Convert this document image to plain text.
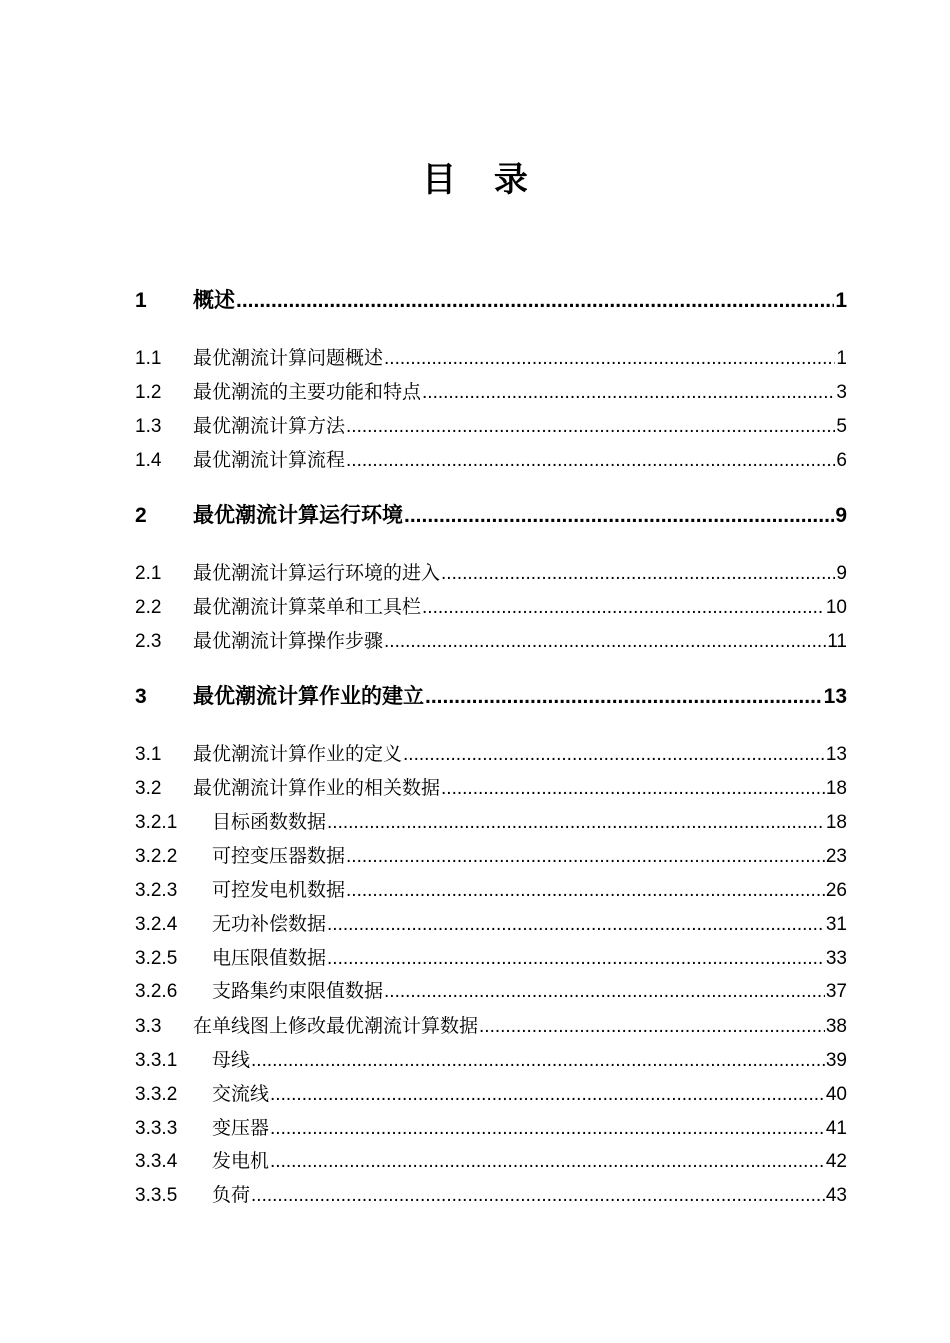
目 录
1	概述 .....	1
1.1	最优潮流计算问题概述 .....	1
1.2	最优潮流的主要功能和特点 .....	3
1.3	最优潮流计算方法 .....	5
1.4	最优潮流计算流程 .....	6
2	最优潮流计算运行环境 .....	9
2.1	最优潮流计算运行环境的进入 .....	9
2.2	最优潮流计算菜单和工具栏 .....	10
2.3	最优潮流计算操作步骤 .....	11
3	最优潮流计算作业的建立 .....	13
3.1	最优潮流计算作业的定义 .....	13
3.2	最优潮流计算作业的相关数据 .....	18
3.2.1	目标函数数据 .....	18
3.2.2	可控变压器数据 .....	23
3.2.3	可控发电机数据 .....	26
3.2.4	无功补偿数据 .....	31
3.2.5	电压限值数据 .....	33
3.2.6	支路集约束限值数据 .....	37
3.3	在单线图上修改最优潮流计算数据 .....	38
3.3.1	母线 .....	39
3.3.2	交流线 .....	40
3.3.3	变压器 .....	41
3.3.4	发电机 .....	42
3.3.5	负荷 .....	43
